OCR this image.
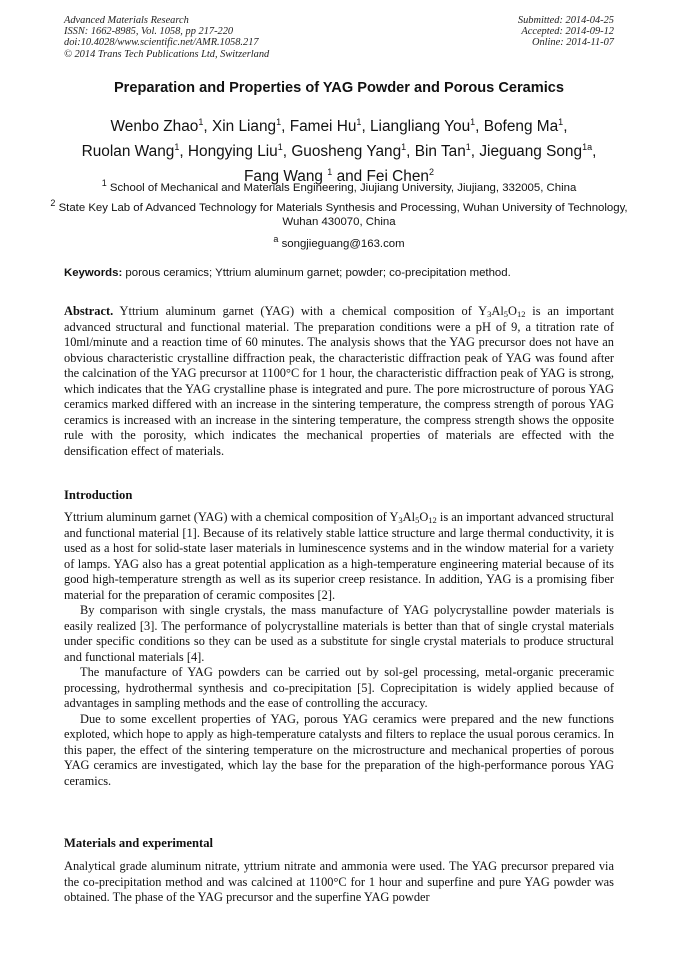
Advanced Materials Research
ISSN: 1662-8985, Vol. 1058, pp 217-220
doi:10.4028/www.scientific.net/AMR.1058.217
© 2014 Trans Tech Publications Ltd, Switzerland
Submitted: 2014-04-25
Accepted: 2014-09-12
Online: 2014-11-07
Preparation and Properties of YAG Powder and Porous Ceramics
Wenbo Zhao$^1$, Xin Liang$^1$, Famei Hu$^1$, Liangliang You$^1$, Bofeng Ma$^1$,
Ruolan Wang$^1$, Hongying Liu$^1$, Guosheng Yang$^1$, Bin Tan$^1$, Jieguang Song$^{1a}$,
Fang Wang $^1$ and Fei Chen$^2$
$^1$ School of Mechanical and Materials Engineering, Jiujiang University, Jiujiang, 332005, China
$^2$ State Key Lab of Advanced Technology for Materials Synthesis and Processing, Wuhan University of Technology, Wuhan 430070, China
$^a$ songjieguang@163.com
Keywords: porous ceramics; Yttrium aluminum garnet; powder; co-precipitation method.

Abstract. Yttrium aluminum garnet (YAG) with a chemical composition of $Y_3Al_5O_{12}$ is an important advanced structural and functional material. The preparation conditions were a pH of 9, a titration rate of 10ml/minute and a reaction time of 60 minutes. The analysis shows that the YAG precursor does not have an obvious characteristic crystalline diffraction peak, the characteristic diffraction peak of YAG was found after the calcination of the YAG precursor at 1100°C for 1 hour, the characteristic diffraction peak of YAG is strong, which indicates that the YAG crystalline phase is integrated and pure. The pore microstructure of porous YAG ceramics marked differed with an increase in the sintering temperature, the compress strength of porous YAG ceramics is increased with an increase in the sintering temperature, the compress strength shows the opposite rule with the porosity, which indicates the mechanical properties of materials are effected with the densification effect of materials.

Introduction

Yttrium aluminum garnet (YAG) with a chemical composition of $Y_3Al_5O_{12}$ is an important advanced structural and functional material [1]. Because of its relatively stable lattice structure and large thermal conductivity, it is used as a host for solid-state laser materials in luminescence systems and in the window material for a variety of lamps. YAG also has a great potential application as a high-temperature engineering material because of its good high-temperature strength as well as its superior creep resistance. In addition, YAG is a promising fiber material for the preparation of ceramic composites [2].

By comparison with single crystals, the mass manufacture of YAG polycrystalline powder materials is easily realized [3]. The performance of polycrystalline materials is better than that of single crystal materials under specific conditions so they can be used as a substitute for single crystal materials to produce structural and functional materials [4].

The manufacture of YAG powders can be carried out by sol-gel processing, metal-organic preceramic processing, hydrothermal synthesis and co-precipitation [5]. Coprecipitation is widely applied because of advantages in sampling methods and the ease of controlling the accuracy.

Due to some excellent properties of YAG, porous YAG ceramics were prepared and the new functions exploted, which hope to apply as high-temperature catalysts and filters to replace the usual porous ceramics. In this paper, the effect of the sintering temperature on the microstructure and mechanical properties of porous YAG ceramics are investigated, which lay the base for the preparation of the high-performance porous YAG ceramics.

Materials and experimental

Analytical grade aluminum nitrate, yttrium nitrate and ammonia were used. The YAG precursor prepared via the co-precipitation method and was calcined at 1100°C for 1 hour and superfine and pure YAG powder was obtained. The phase of the YAG precursor and the superfine YAG powder
